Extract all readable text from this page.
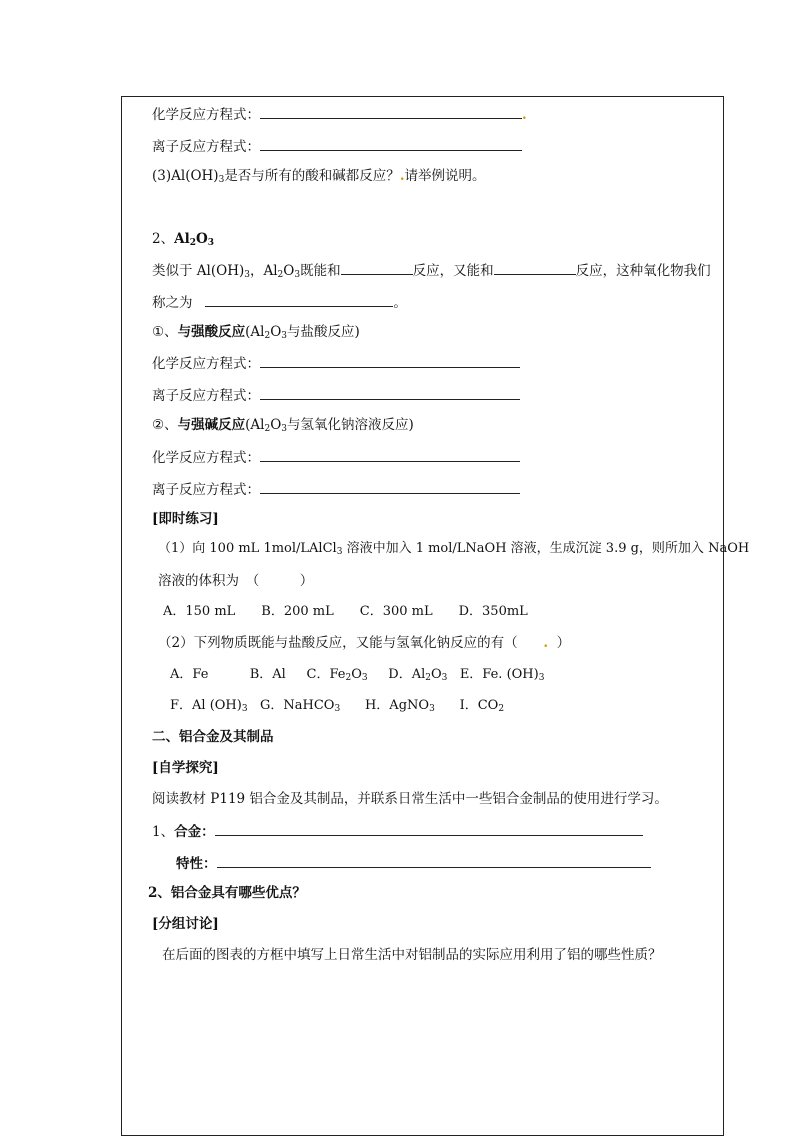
化学反应方程式：	.
离子反应方程式：
$(3)Al(OH)_3$是否与所有的酸和碱都反应？.请举例说明。
2、$Al_2O_3$
类似于 $Al(OH)_3$，$Al_2O_3$既能和	反应，又能和	反应，这种氧化物我们
称之为	。
①、与强酸反应($Al_2O_3$与盐酸反应)
化学反应方程式：
离子反应方程式：
②、与强碱反应($Al_2O_3$与氢氧化钠溶液反应)
化学反应方程式：
离子反应方程式：
[即时练习]
（1）向 100 mL 1mol/LAlCl$_3$ 溶液中加入 1 mol/LNaOH 溶液，生成沉淀 3.9 g，则所加入 NaOH
溶液的体积为　（　　　）
A．150 mL　　B．200 mL　　C．300 mL　　D．350mL
（2）下列物质既能与盐酸反应，又能与氢氧化钠反应的有（ . ）
A．Fe	B．Al C．$Fe_2O_3$ D．$Al_2O_3$ E．Fe. $(OH)_3$
F．Al $(OH)_3$ G．NaHCO$_3$ H．AgNO$_3$ I．$CO_2$
二、铝合金及其制品
[自学探究]
阅读教材 P119 铝合金及其制品，并联系日常生活中一些铝合金制品的使用进行学习。
1、合金：
特性：
2、铝合金具有哪些优点？
[分组讨论]
在后面的图表的方框中填写上日常生活中对铝制品的实际应用利用了铝的哪些性质？
